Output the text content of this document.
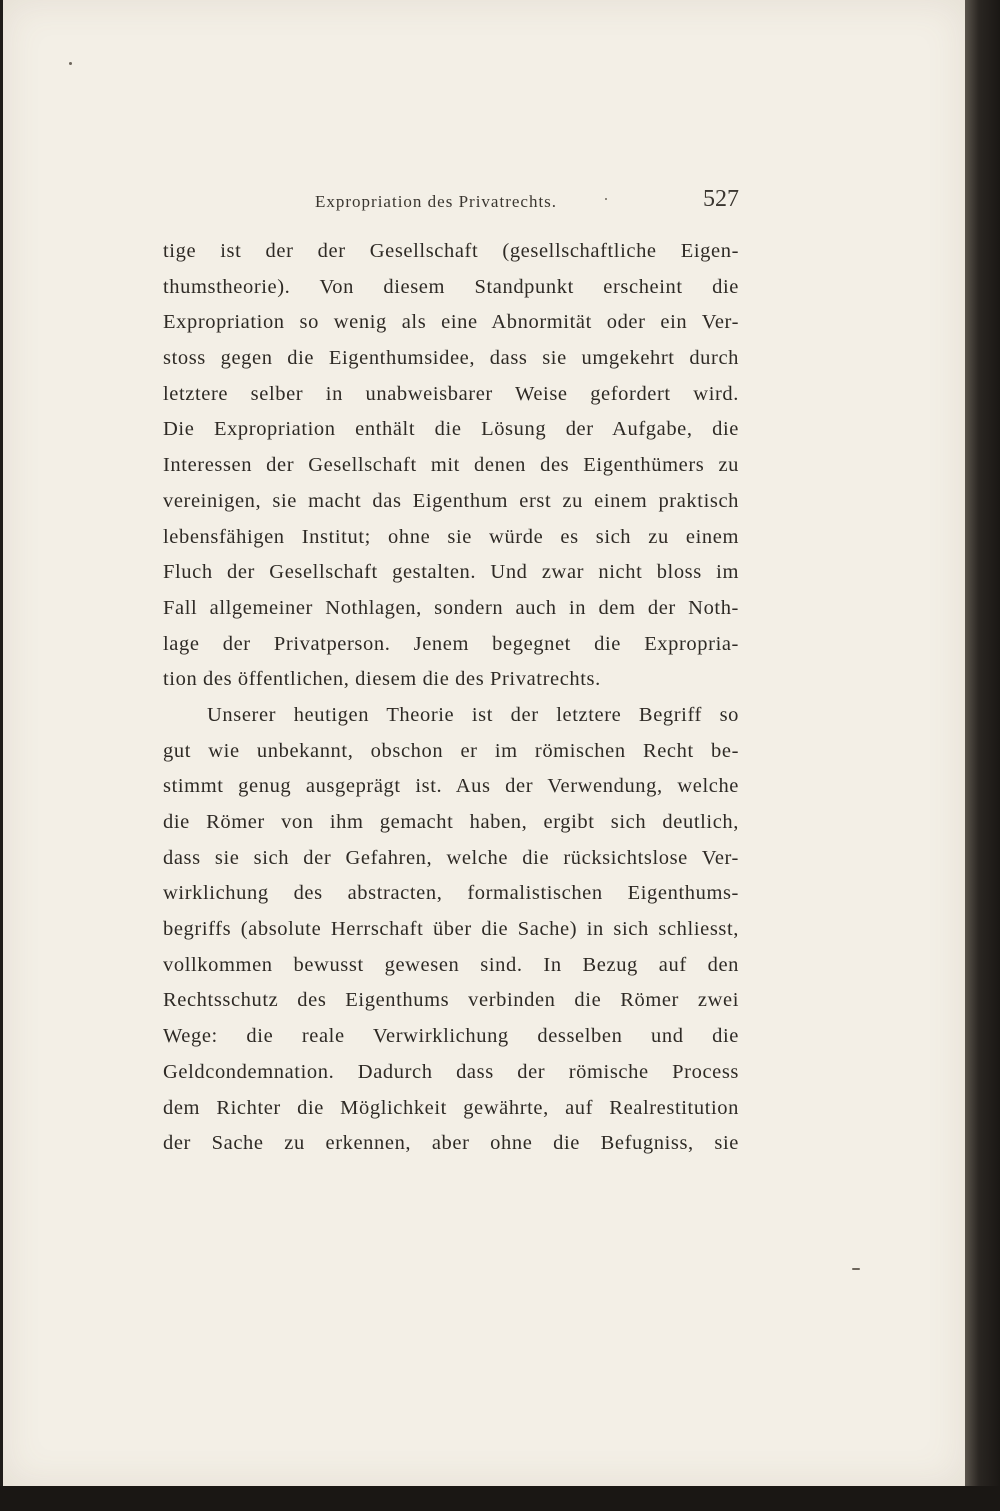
Expropriation des Privatrechts.	527
tige ist der der Gesellschaft (gesellschaftliche Eigen-
thumstheorie). Von diesem Standpunkt erscheint die
Expropriation so wenig als eine Abnormität oder ein Ver-
stoss gegen die Eigenthumsidee, dass sie umgekehrt durch
letztere selber in unabweisbarer Weise gefordert wird.
Die Expropriation enthält die Lösung der Aufgabe, die
Interessen der Gesellschaft mit denen des Eigenthümers zu
vereinigen, sie macht das Eigenthum erst zu einem praktisch
lebensfähigen Institut; ohne sie würde es sich zu einem
Fluch der Gesellschaft gestalten. Und zwar nicht bloss im
Fall allgemeiner Nothlagen, sondern auch in dem der Noth-
lage der Privatperson. Jenem begegnet die Expropria-
tion des öffentlichen, diesem die des Privatrechts.
Unserer heutigen Theorie ist der letztere Begriff so
gut wie unbekannt, obschon er im römischen Recht be-
stimmt genug ausgeprägt ist. Aus der Verwendung, welche
die Römer von ihm gemacht haben, ergibt sich deutlich,
dass sie sich der Gefahren, welche die rücksichtslose Ver-
wirklichung des abstracten, formalistischen Eigenthums-
begriffs (absolute Herrschaft über die Sache) in sich schliesst,
vollkommen bewusst gewesen sind. In Bezug auf den
Rechtsschutz des Eigenthums verbinden die Römer zwei
Wege: die reale Verwirklichung desselben und die
Geldcondemnation. Dadurch dass der römische Process
dem Richter die Möglichkeit gewährte, auf Realrestitution
der Sache zu erkennen, aber ohne die Befugniss, sie
